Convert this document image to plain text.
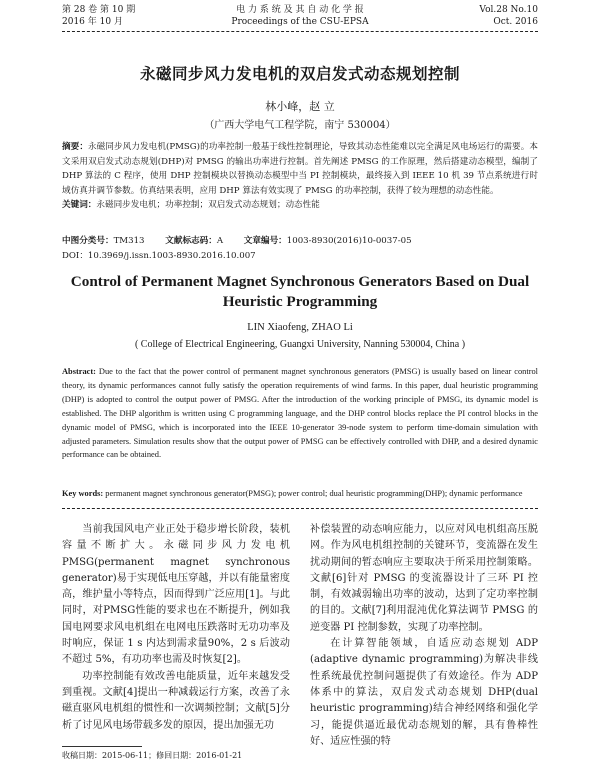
第 28 卷 第 10 期
2016 年 10 月
电 力 系 统 及 其 自 动 化 学 报
Proceedings of the CSU-EPSA
Vol.28 No.10
Oct. 2016
永磁同步风力发电机的双启发式动态规划控制
林小峰，赵 立
（广西大学电气工程学院，南宁 530004）
摘要：永磁同步风力发电机(PMSG)的功率控制一般基于线性控制理论，导致其动态性能难以完全满足风电场运行的需要。本文采用双启发式动态规划(DHP)对 PMSG 的输出功率进行控制。首先阐述 PMSG 的工作原理，然后搭建动态模型，编制了 DHP 算法的 C 程序，使用 DHP 控制模块以替换动态模型中当 PI 控制模块，最终接入到 IEEE 10 机 39 节点系统进行时域仿真并调节参数。仿真结果表明，应用 DHP 算法有效实现了 PMSG 的功率控制，获得了较为理想的动态性能。
关键词：永磁同步发电机；功率控制；双启发式动态规划；动态性能
中图分类号：TM313 文献标志码：A 文章编号：1003-8930(2016)10-0037-05
DOI：10.3969/j.issn.1003-8930.2016.10.007
Control of Permanent Magnet Synchronous Generators Based on Dual Heuristic Programming
LIN Xiaofeng, ZHAO Li
( College of Electrical Engineering, Guangxi University, Nanning 530004, China )
Abstract: Due to the fact that the power control of permanent magnet synchronous generators (PMSG) is usually based on linear control theory, its dynamic performances cannot fully satisfy the operation requirements of wind farms. In this paper, dual heuristic programming (DHP) is adopted to control the output power of PMSG. After the introduction of the working principle of PMSG, its dynamic model is established. The DHP algorithm is written using C programming language, and the DHP control blocks replace the PI control blocks in the dynamic model of PMSG, which is incorporated into the IEEE 10-generator 39-node system to perform time-domain simulation with adjusted parameters. Simulation results show that the output power of PMSG can be effectively controlled with DHP, and a desired dynamic performance can be obtained.
Key words: permanent magnet synchronous generator(PMSG); power control; dual heuristic programming(DHP); dynamic performance

当前我国风电产业正处于稳步增长阶段，装机容量不断扩大。永磁同步风力发电机 PMSG(permanent magnet synchronous generator)易于实现低电压穿越，并以有能量密度高，维护量小等特点，因而得到广泛应用[1]。与此同时，对PMSG性能的要求也在不断提升，例如我国电网要求风电机组在电网电压跌落时无功功率及时响应，保证 1 s 内达到需求量90%，2 s 后波动不超过 5%，有功功率也需及时恢复[2]。

功率控制能有效改善电能质量，近年来越发受到重视。文献[4]提出一种减载运行方案，改善了永磁直驱风电机组的惯性和一次调频控制；文献[5]分析了讨见风电场带载多发的原因，提出加强无功

补偿装置的动态响应能力，以应对风电机组高压脱网。作为风电机组控制的关键环节，变流器在发生扰动期间的暂态响应主要取决于所采用控制策略。文献[6]针对 PMSG 的变流器设计了三环 PI 控制，有效减弱输出功率的波动，达到了定功率控制的目的。文献[7]利用混沌优化算法调节 PMSG 的逆变器 PI 控制参数，实现了功率控制。

在计算智能领域，自适应动态规划 ADP (adaptive dynamic programming)为解决非线性系统最优控制问题提供了有效途径。作为 ADP 体系中的算法，双启发式动态规划 DHP(dual heuristic programming)结合神经网络和强化学习，能提供逼近最优动态规划的解，具有鲁棒性好、适应性强的特

收稿日期：2015-06-11；修回日期：2016-01-21
